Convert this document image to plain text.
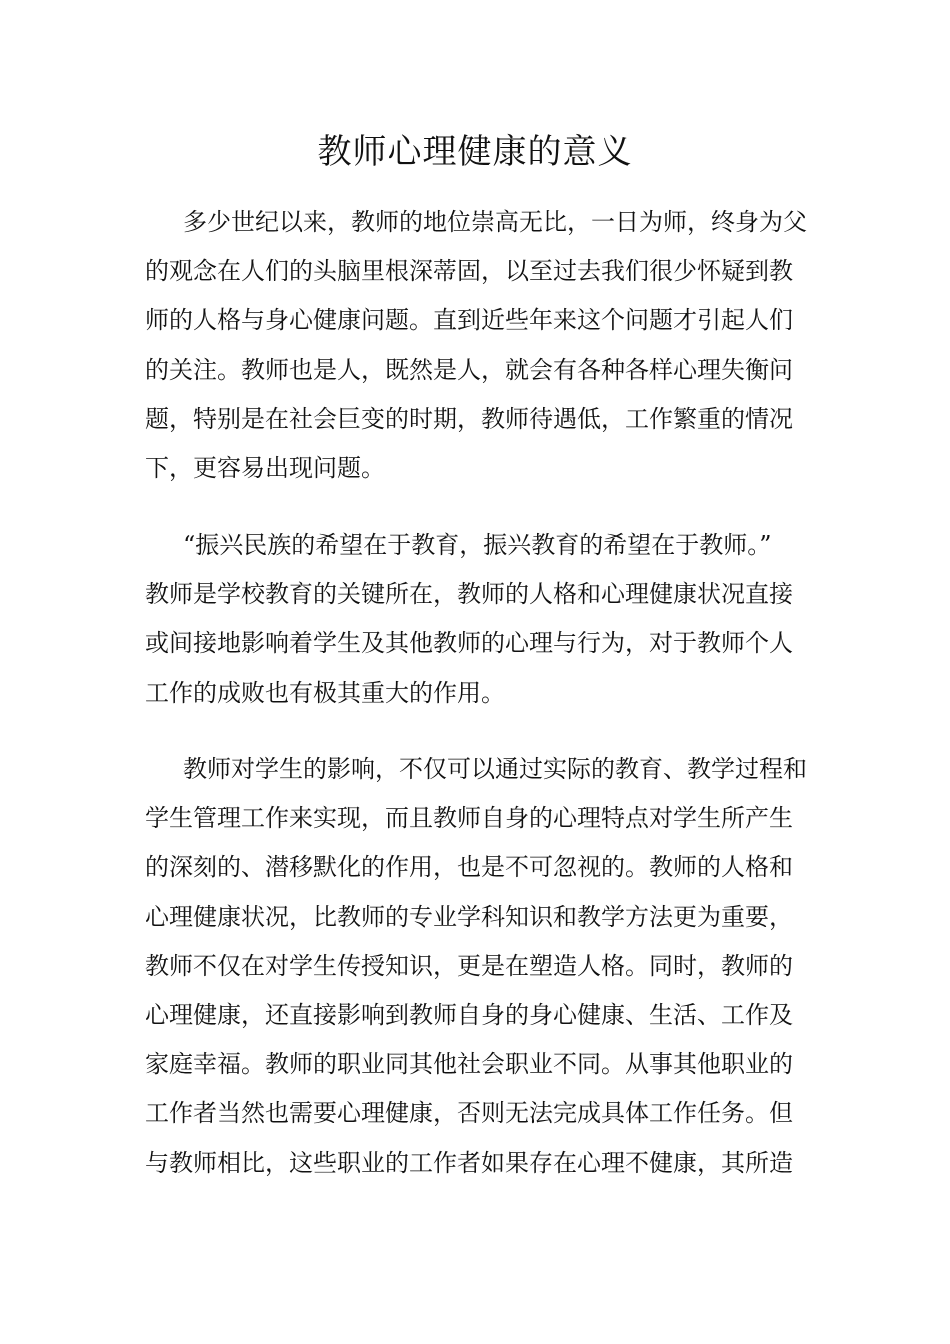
教师心理健康的意义
多少世纪以来，教师的地位崇高无比，一日为师，终身为父
的观念在人们的头脑里根深蒂固，以至过去我们很少怀疑到教
师的人格与身心健康问题。直到近些年来这个问题才引起人们
的关注。教师也是人，既然是人，就会有各种各样心理失衡问
题，特别是在社会巨变的时期，教师待遇低，工作繁重的情况
下，更容易出现问题。
“振兴民族的希望在于教育，振兴教育的希望在于教师。”
教师是学校教育的关键所在，教师的人格和心理健康状况直接
或间接地影响着学生及其他教师的心理与行为，对于教师个人
工作的成败也有极其重大的作用。
教师对学生的影响，不仅可以通过实际的教育、教学过程和
学生管理工作来实现，而且教师自身的心理特点对学生所产生
的深刻的、潜移默化的作用，也是不可忽视的。教师的人格和
心理健康状况，比教师的专业学科知识和教学方法更为重要，
教师不仅在对学生传授知识，更是在塑造人格。同时，教师的
心理健康，还直接影响到教师自身的身心健康、生活、工作及
家庭幸福。教师的职业同其他社会职业不同。从事其他职业的
工作者当然也需要心理健康，否则无法完成具体工作任务。但
与教师相比，这些职业的工作者如果存在心理不健康，其所造
